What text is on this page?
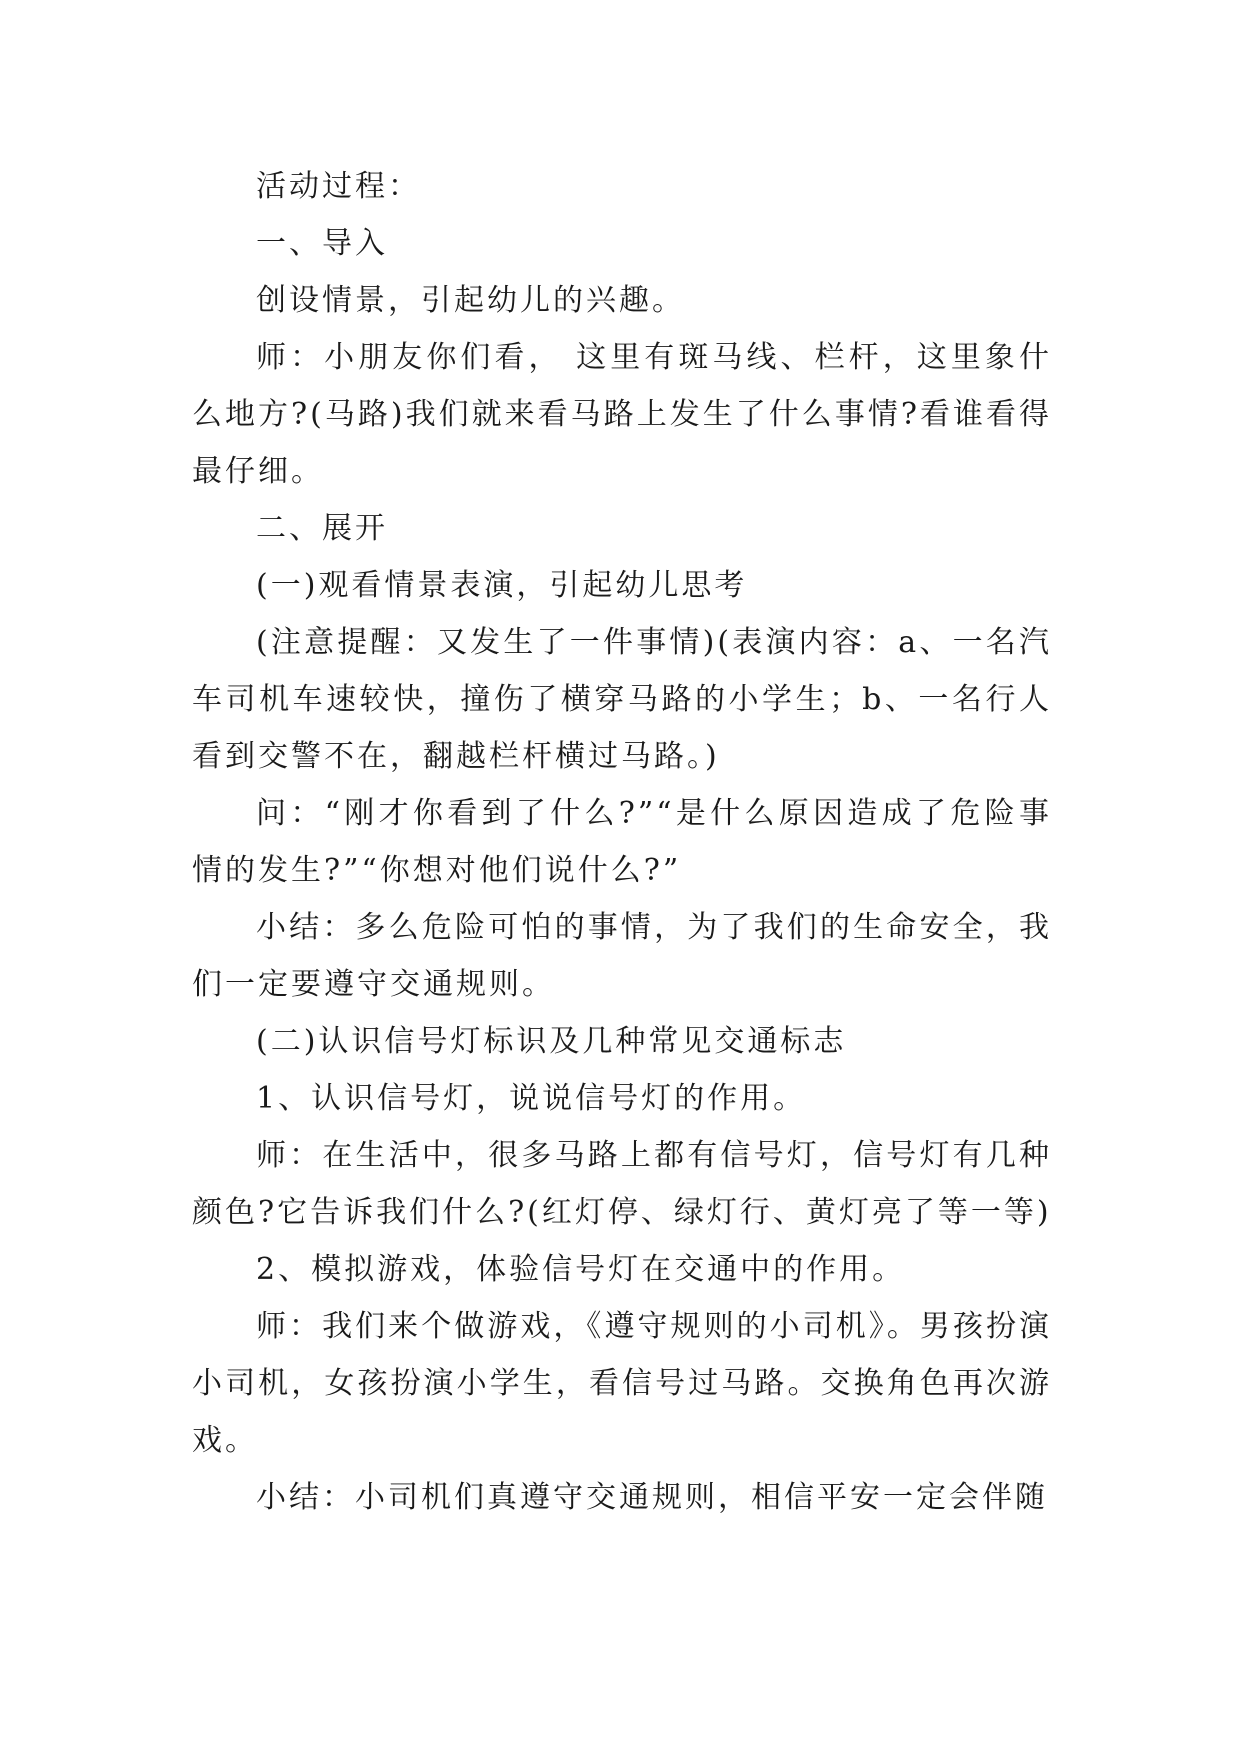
活动过程：

一、导入

创设情景，引起幼儿的兴趣。

师：小朋友你们看， 这里有斑马线、栏杆，这里象什么地方?(马路)我们就来看马路上发生了什么事情?看谁看得最仔细。

二、展开

(一)观看情景表演，引起幼儿思考

(注意提醒：又发生了一件事情)(表演内容：a、一名汽车司机车速较快，撞伤了横穿马路的小学生；b、一名行人看到交警不在，翻越栏杆横过马路。)

问：“刚才你看到了什么?”“是什么原因造成了危险事情的发生?”“你想对他们说什么?”

小结：多么危险可怕的事情，为了我们的生命安全，我们一定要遵守交通规则。

(二)认识信号灯标识及几种常见交通标志

1、认识信号灯，说说信号灯的作用。

师：在生活中，很多马路上都有信号灯，信号灯有几种颜色?它告诉我们什么?(红灯停、绿灯行、黄灯亮了等一等)

2、模拟游戏，体验信号灯在交通中的作用。

师：我们来个做游戏，《遵守规则的小司机》。男孩扮演小司机，女孩扮演小学生，看信号过马路。交换角色再次游戏。

小结：小司机们真遵守交通规则，相信平安一定会伴随
